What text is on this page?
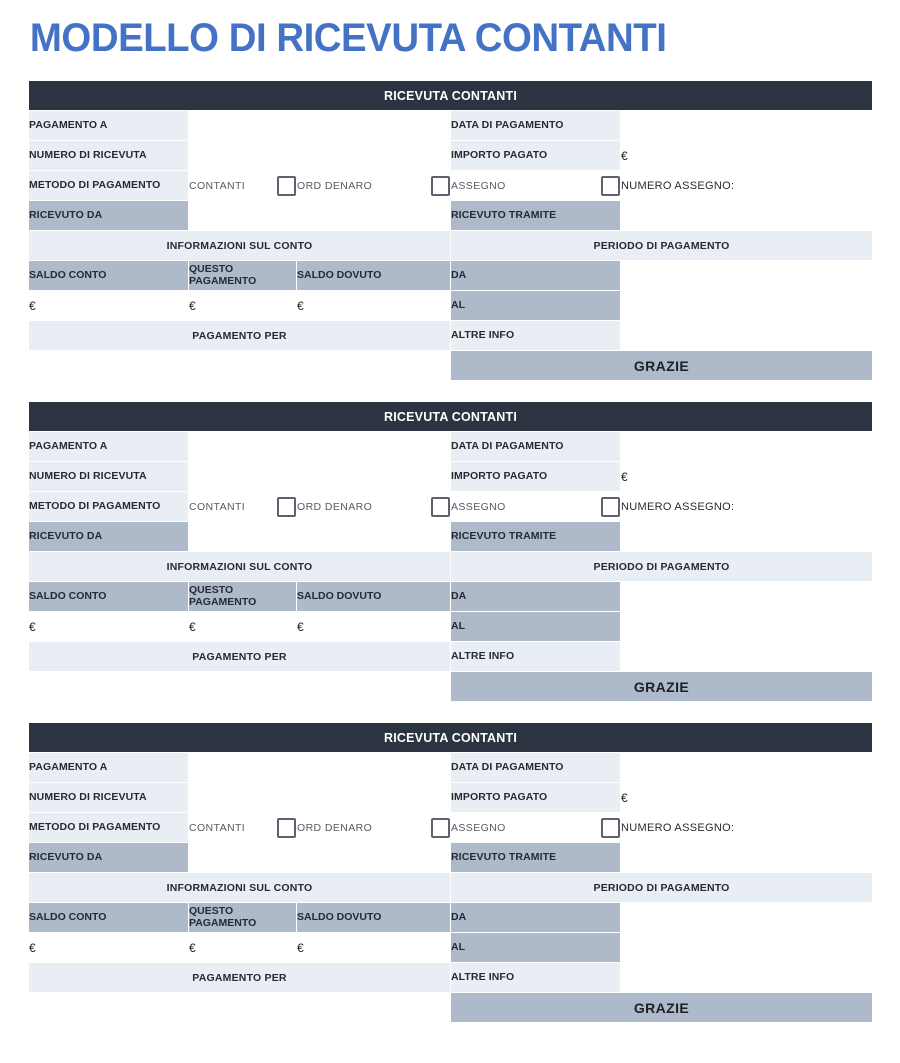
MODELLO DI RICEVUTA CONTANTI
RICEVUTA CONTANTI				
PAGAMENTO A			DATA DI PAGAMENTO	
NUMERO DI RICEVUTA			IMPORTO PAGATO	€
METODO DI PAGAMENTO	CONTANTI	ORD DENARO	ASSEGNO	NUMERO ASSEGNO:
RICEVUTO DA			RICEVUTO TRAMITE	
INFORMAZIONI SUL CONTO			PERIODO DI PAGAMENTO	
SALDO CONTO	QUESTO PAGAMENTO	SALDO DOVUTO	DA	
€	€	€	AL	
PAGAMENTO PER			ALTRE INFO	
			GRAZIE	
RICEVUTA CONTANTI				
PAGAMENTO A			DATA DI PAGAMENTO	
NUMERO DI RICEVUTA			IMPORTO PAGATO	€
METODO DI PAGAMENTO	CONTANTI	ORD DENARO	ASSEGNO	NUMERO ASSEGNO:
RICEVUTO DA			RICEVUTO TRAMITE	
INFORMAZIONI SUL CONTO			PERIODO DI PAGAMENTO	
SALDO CONTO	QUESTO PAGAMENTO	SALDO DOVUTO	DA	
€	€	€	AL	
PAGAMENTO PER			ALTRE INFO	
			GRAZIE	
RICEVUTA CONTANTI				
PAGAMENTO A			DATA DI PAGAMENTO	
NUMERO DI RICEVUTA			IMPORTO PAGATO	€
METODO DI PAGAMENTO	CONTANTI	ORD DENARO	ASSEGNO	NUMERO ASSEGNO:
RICEVUTO DA			RICEVUTO TRAMITE	
INFORMAZIONI SUL CONTO			PERIODO DI PAGAMENTO	
SALDO CONTO	QUESTO PAGAMENTO	SALDO DOVUTO	DA	
€	€	€	AL	
PAGAMENTO PER			ALTRE INFO	
			GRAZIE	
